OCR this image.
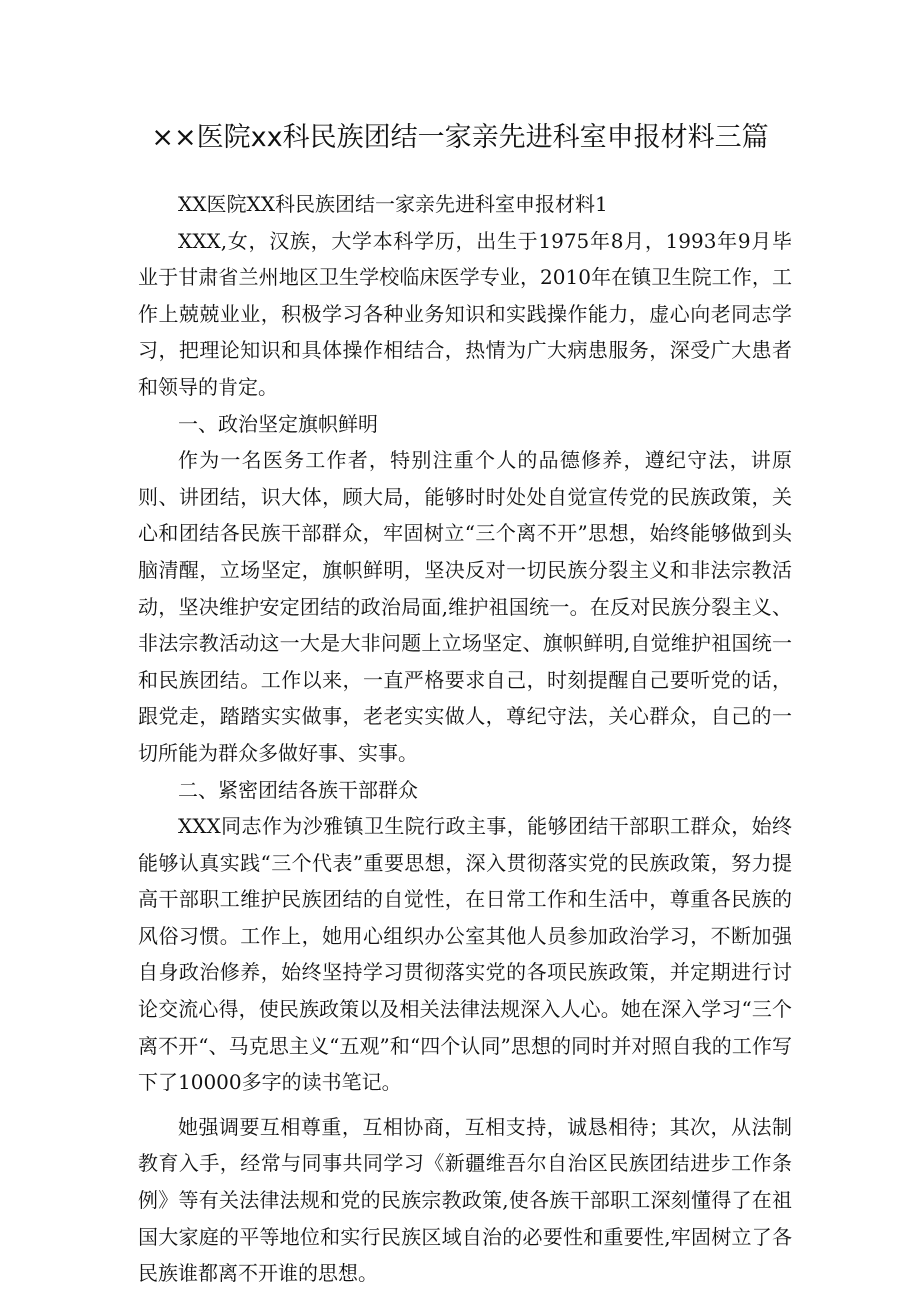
××医院xx科民族团结一家亲先进科室申报材料三篇

XX医院XX科民族团结一家亲先进科室申报材料1

XXX,女，汉族，大学本科学历，出生于1975年8月，1993年9月毕业于甘肃省兰州地区卫生学校临床医学专业，2010年在镇卫生院工作，工作上兢兢业业，积极学习各种业务知识和实践操作能力，虚心向老同志学习，把理论知识和具体操作相结合，热情为广大病患服务，深受广大患者和领导的肯定。

一、政治坚定旗帜鲜明

作为一名医务工作者，特别注重个人的品德修养，遵纪守法，讲原则、讲团结，识大体，顾大局，能够时时处处自觉宣传党的民族政策，关心和团结各民族干部群众，牢固树立“三个离不开”思想，始终能够做到头脑清醒，立场坚定，旗帜鲜明，坚决反对一切民族分裂主义和非法宗教活动，坚决维护安定团结的政治局面,维护祖国统一。在反对民族分裂主义、非法宗教活动这一大是大非问题上立场坚定、旗帜鲜明,自觉维护祖国统一和民族团结。工作以来，一直严格要求自己，时刻提醒自己要听党的话，跟党走，踏踏实实做事，老老实实做人，尊纪守法，关心群众，自己的一切所能为群众多做好事、实事。

二、紧密团结各族干部群众

XXX同志作为沙雅镇卫生院行政主事，能够团结干部职工群众，始终能够认真实践“三个代表”重要思想，深入贯彻落实党的民族政策，努力提高干部职工维护民族团结的自觉性，在日常工作和生活中，尊重各民族的风俗习惯。工作上，她用心组织办公室其他人员参加政治学习，不断加强自身政治修养，始终坚持学习贯彻落实党的各项民族政策，并定期进行讨论交流心得，使民族政策以及相关法律法规深入人心。她在深入学习“三个离不开“、马克思主义“五观”和“四个认同”思想的同时并对照自我的工作写下了10000多字的读书笔记。

她强调要互相尊重，互相协商，互相支持，诚恳相待；其次，从法制教育入手，经常与同事共同学习《新疆维吾尔自治区民族团结进步工作条例》等有关法律法规和党的民族宗教政策,使各族干部职工深刻懂得了在祖国大家庭的平等地位和实行民族区域自治的必要性和重要性,牢固树立了各民族谁都离不开谁的思想。
